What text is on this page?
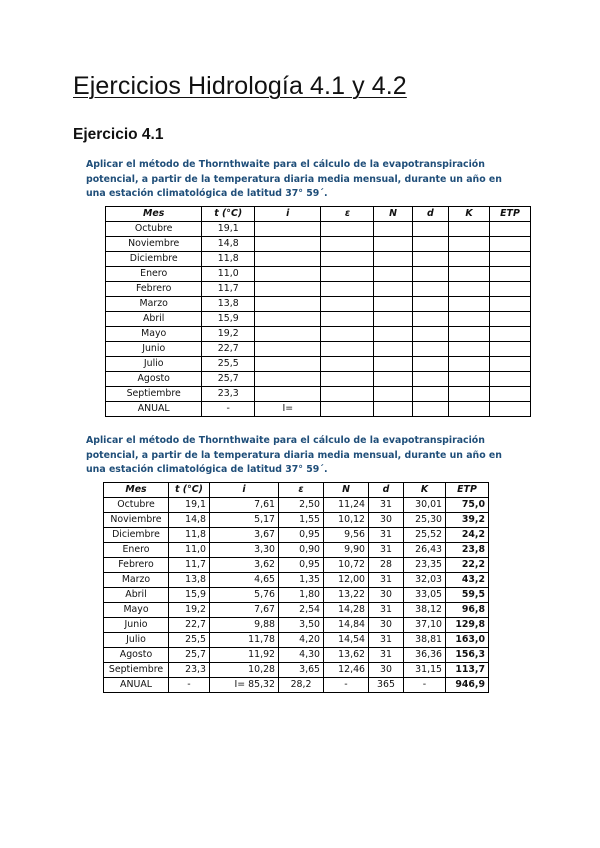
Ejercicios Hidrología 4.1 y 4.2
Ejercicio 4.1

Aplicar el método de Thornthwaite para el cálculo de la evapotranspiración potencial, a partir de la temperatura diaria media mensual, durante un año en una estación climatológica de latitud 37° 59´.

Mes	t (°C)	i	ε	N	d	K	ETP
Octubre	19,1						
Noviembre	14,8						
Diciembre	11,8						
Enero	11,0						
Febrero	11,7						
Marzo	13,8						
Abril	15,9						
Mayo	19,2						
Junio	22,7						
Julio	25,5						
Agosto	25,7						
Septiembre	23,3						
ANUAL	-	I=					

Aplicar el método de Thornthwaite para el cálculo de la evapotranspiración potencial, a partir de la temperatura diaria media mensual, durante un año en una estación climatológica de latitud 37° 59´.

Mes	t (°C)	i	ε	N	d	K	ETP
Octubre	19,1	7,61	2,50	11,24	31	30,01	75,0
Noviembre	14,8	5,17	1,55	10,12	30	25,30	39,2
Diciembre	11,8	3,67	0,95	9,56	31	25,52	24,2
Enero	11,0	3,30	0,90	9,90	31	26,43	23,8
Febrero	11,7	3,62	0,95	10,72	28	23,35	22,2
Marzo	13,8	4,65	1,35	12,00	31	32,03	43,2
Abril	15,9	5,76	1,80	13,22	30	33,05	59,5
Mayo	19,2	7,67	2,54	14,28	31	38,12	96,8
Junio	22,7	9,88	3,50	14,84	30	37,10	129,8
Julio	25,5	11,78	4,20	14,54	31	38,81	163,0
Agosto	25,7	11,92	4,30	13,62	31	36,36	156,3
Septiembre	23,3	10,28	3,65	12,46	30	31,15	113,7
ANUAL	-	I= 85,32	28,2	-	365	-	946,9
